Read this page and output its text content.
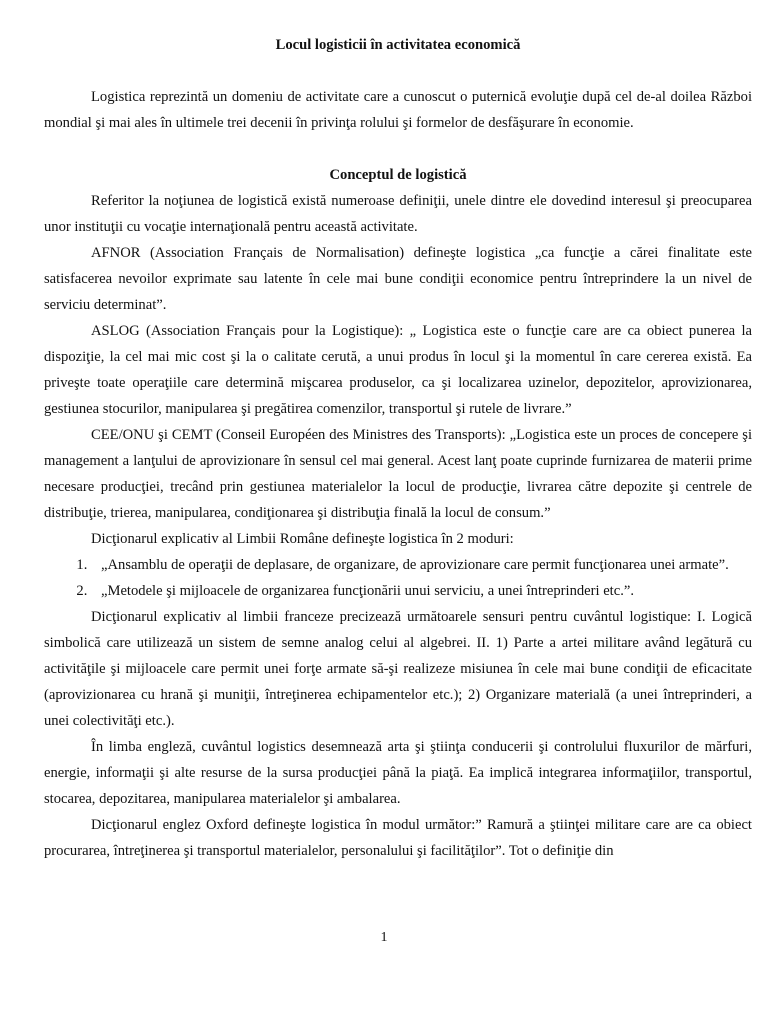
Locul logisticii în activitatea economică

Logistica reprezintă un domeniu de activitate care a cunoscut o puternică evoluţie după cel de-al doilea Război mondial şi mai ales în ultimele trei decenii în privinţa rolului şi formelor de desfăşurare în economie.

Conceptul de logistică

Referitor la noţiunea de logistică există numeroase definiţii, unele dintre ele dovedind interesul şi preocuparea unor instituţii cu vocaţie internaţională pentru această activitate.

AFNOR (Association Français de Normalisation) defineşte logistica „ca funcţie a cărei finalitate este satisfacerea nevoilor exprimate sau latente în cele mai bune condiţii economice pentru întreprindere la un nivel de serviciu determinat”.

ASLOG (Association Français pour la Logistique): „ Logistica este o funcţie care are ca obiect punerea la dispoziţie, la cel mai mic cost şi la o calitate cerută, a unui produs în locul şi la momentul în care cererea există. Ea priveşte toate operaţiile care determină mişcarea produselor, ca şi localizarea uzinelor, depozitelor, aprovizionarea, gestiunea stocurilor, manipularea şi pregătirea comenzilor, transportul şi rutele de livrare.”

CEE/ONU şi CEMT (Conseil Européen des Ministres des Transports): „Logistica este un proces de concepere şi management a lanţului de aprovizionare în sensul cel mai general. Acest lanţ poate cuprinde furnizarea de materii prime necesare producţiei, trecând prin gestiunea materialelor la locul de producţie, livrarea către depozite şi centrele de distribuţie, trierea, manipularea, condiţionarea şi distribuţia finală la locul de consum.”

Dicţionarul explicativ al Limbii Române defineşte logistica în 2 moduri:

1. „Ansamblu de operaţii de deplasare, de organizare, de aprovizionare care permit funcţionarea unei armate”.
2. „Metodele şi mijloacele de organizarea funcţionării unui serviciu, a unei întreprinderi etc.”.

Dicţionarul explicativ al limbii franceze precizează următoarele sensuri pentru cuvântul logistique: I. Logică simbolică care utilizează un sistem de semne analog celui al algebrei. II. 1) Parte a artei militare având legătură cu activităţile şi mijloacele care permit unei forţe armate să-şi realizeze misiunea în cele mai bune condiţii de eficacitate (aprovizionarea cu hrană şi muniţii, întreţinerea echipamentelor etc.); 2) Organizare materială (a unei întreprinderi, a unei colectivităţi etc.).

În limba engleză, cuvântul logistics desemnează arta şi ştiinţa conducerii şi controlului fluxurilor de mărfuri, energie, informaţii şi alte resurse de la sursa producţiei până la piaţă. Ea implică integrarea informaţiilor, transportul, stocarea, depozitarea, manipularea materialelor şi ambalarea.

Dicţionarul englez Oxford defineşte logistica în modul următor:” Ramură a ştiinţei militare care are ca obiect procurarea, întreţinerea şi transportul materialelor, personalului şi facilităţilor”. Tot o definiţie din

1
